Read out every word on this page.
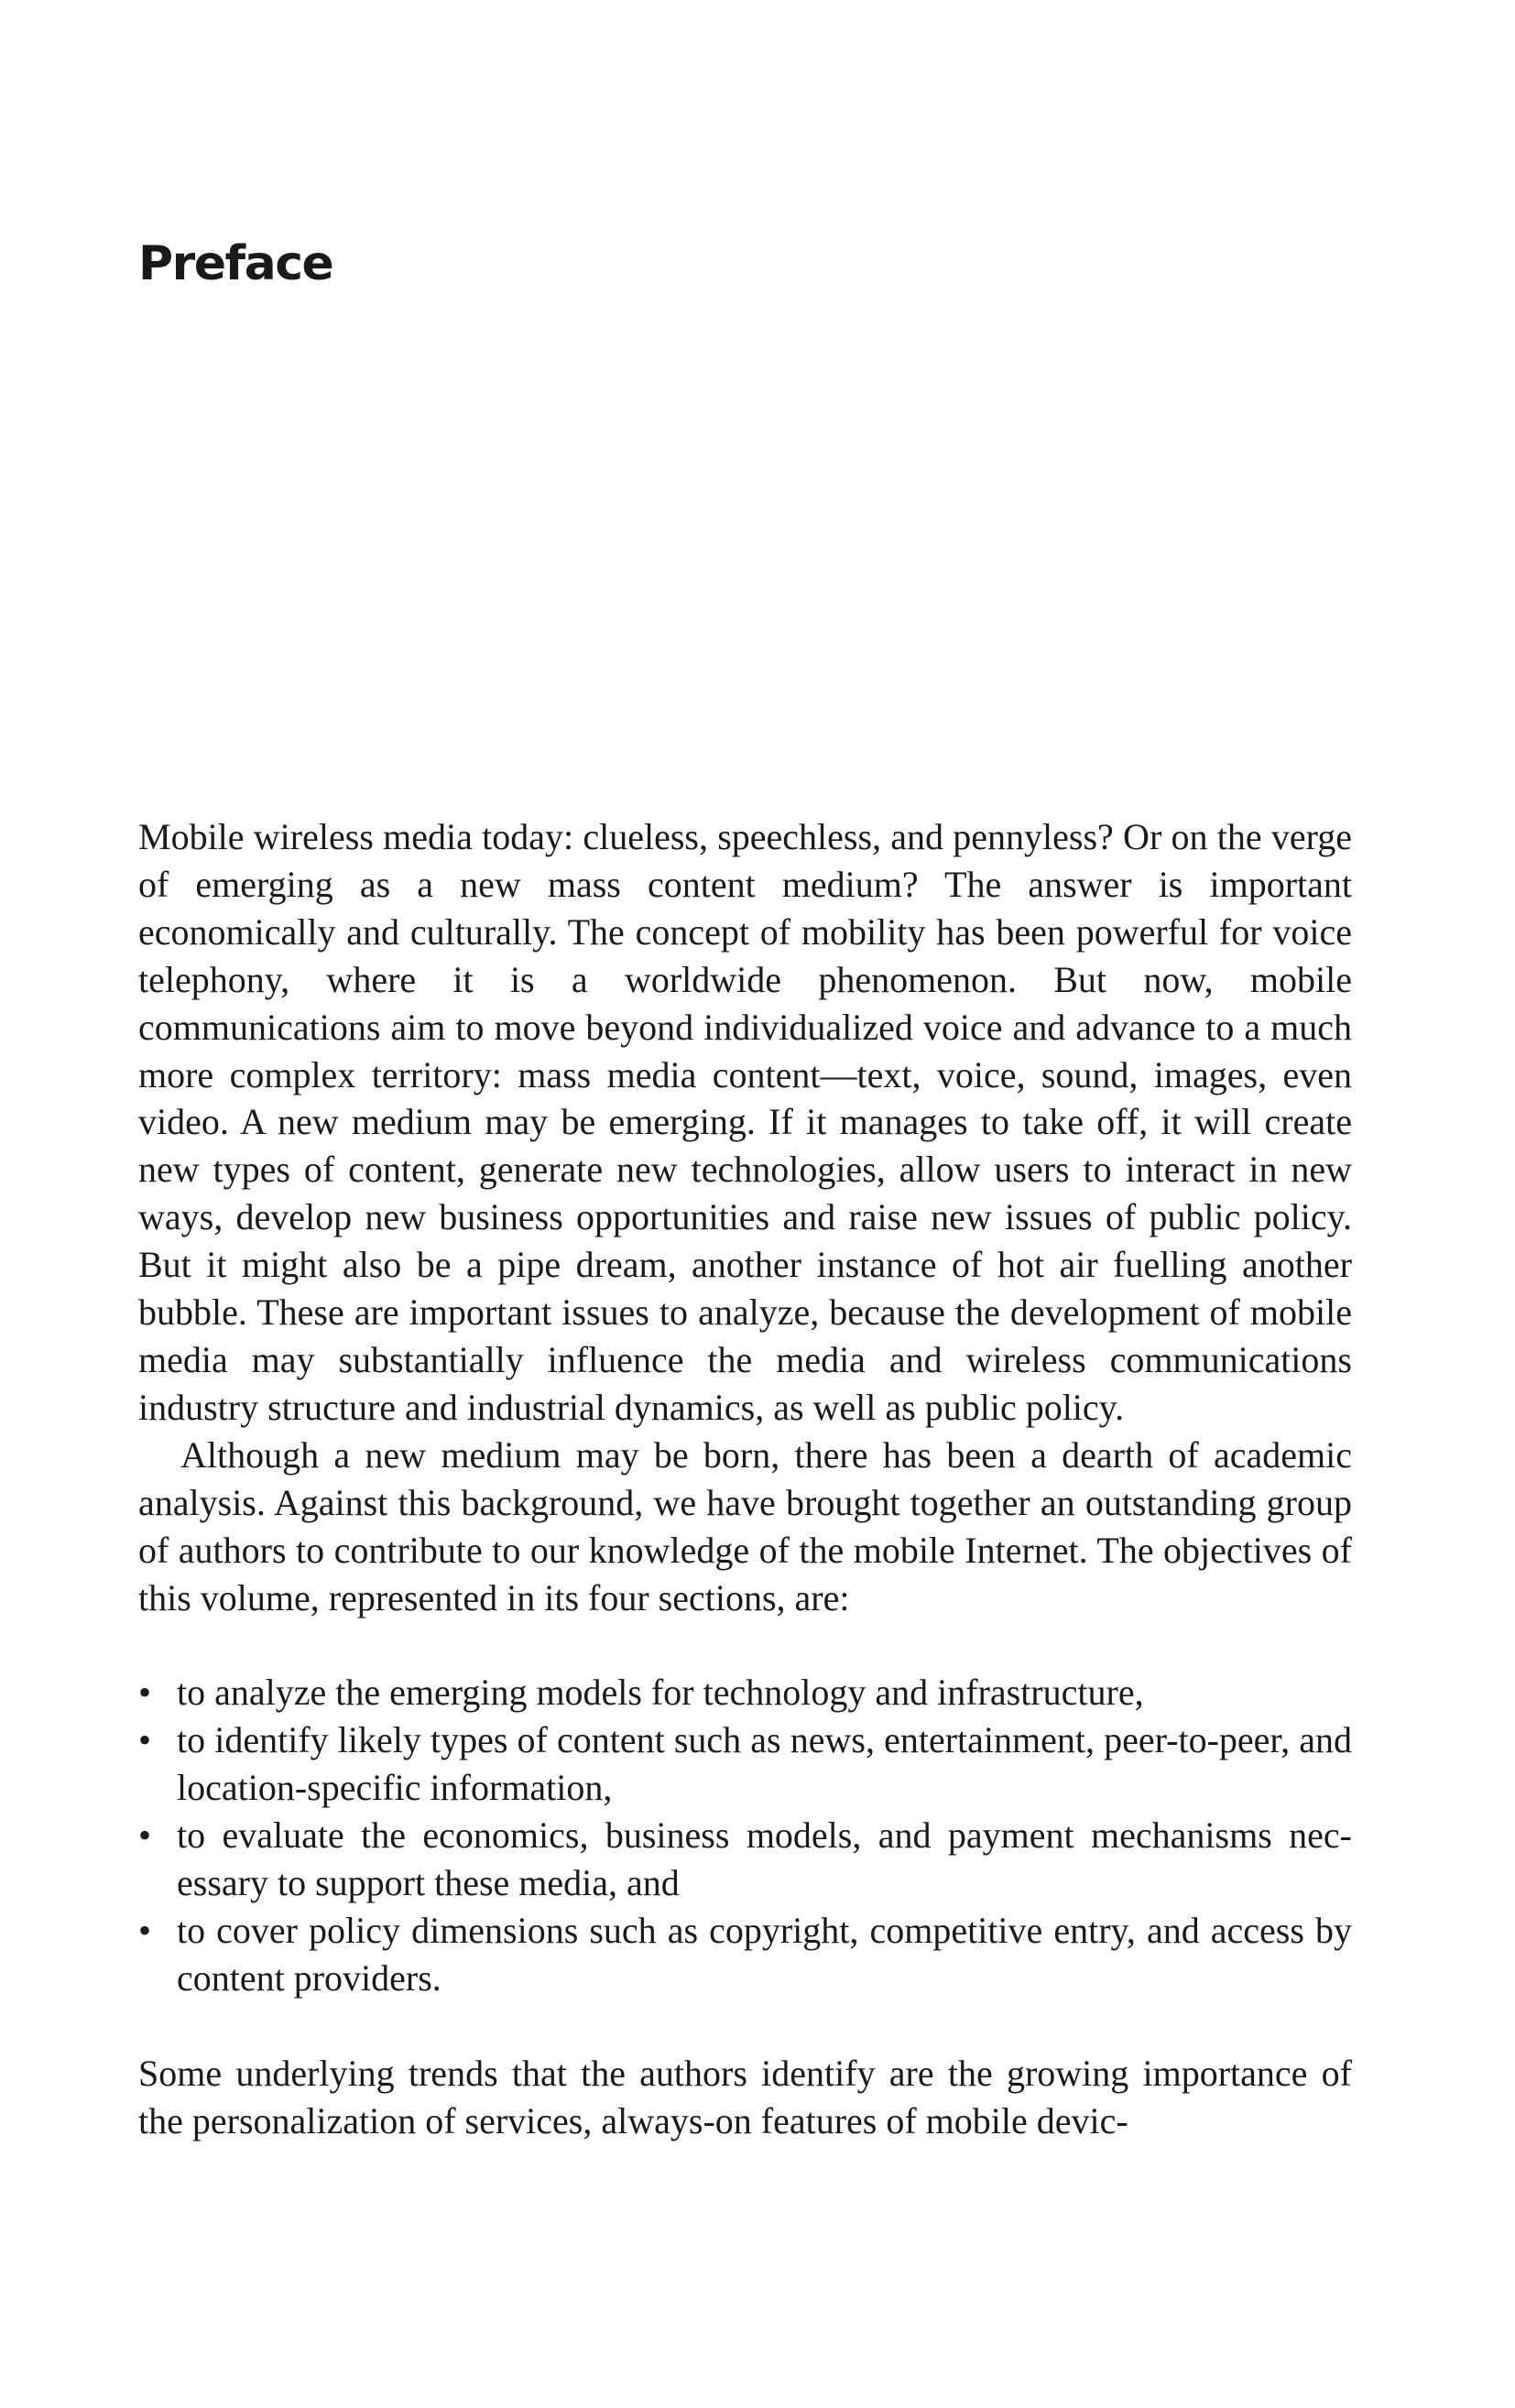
Preface

Mobile wireless media today: clueless, speechless, and pennyless? Or on the verge of emerging as a new mass content medium? The answer is important economically and culturally. The concept of mobility has been powerful for voice telephony, where it is a worldwide phenomenon. But now, mobile communications aim to move beyond individualized voice and advance to a much more complex territory: mass media content—text, voice, sound, images, even video. A new medium may be emerging. If it manages to take off, it will create new types of content, generate new technologies, allow users to interact in new ways, develop new business opportunities and raise new issues of public policy. But it might also be a pipe dream, another instance of hot air fuelling another bubble. These are important issues to analyze, because the development of mobile media may substantially influence the media and wireless communications industry structure and industrial dynamics, as well as public policy.

Although a new medium may be born, there has been a dearth of academic analysis. Against this background, we have brought together an outstanding group of authors to contribute to our knowledge of the mobile Internet. The objectives of this volume, represented in its four sections, are:

• to analyze the emerging models for technology and infrastructure,
• to identify likely types of content such as news, entertainment, peer-to-peer, and location-specific information,
• to evaluate the economics, business models, and payment mechanisms necessary to support these media, and
• to cover policy dimensions such as copyright, competitive entry, and access by content providers.

Some underlying trends that the authors identify are the growing importance of the personalization of services, always-on features of mobile devic-
